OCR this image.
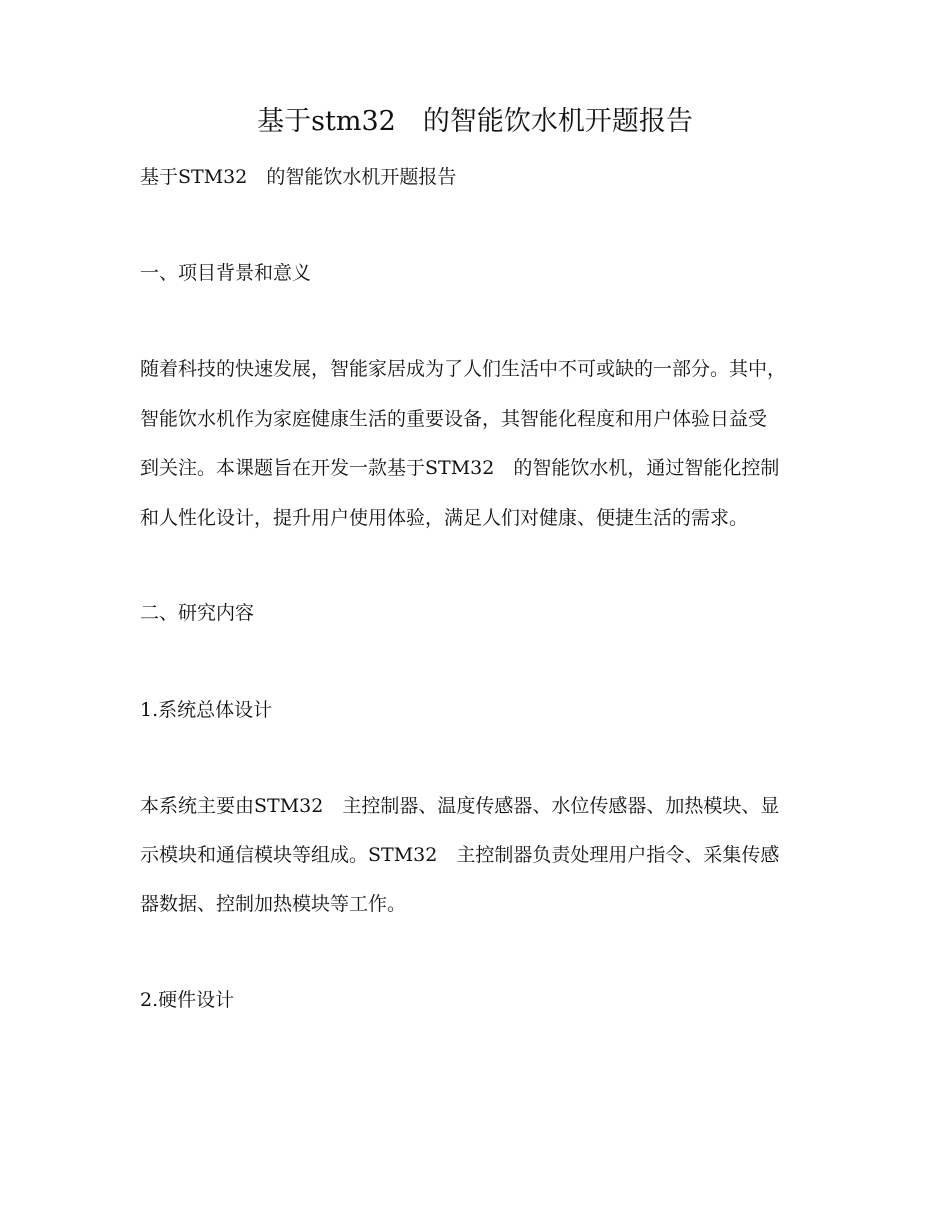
基于stm32　的智能饮水机开题报告

基于STM32　的智能饮水机开题报告

一、项目背景和意义

随着科技的快速发展，智能家居成为了人们生活中不可或缺的一部分。其中，

智能饮水机作为家庭健康生活的重要设备，其智能化程度和用户体验日益受

到关注。本课题旨在开发一款基于STM32　的智能饮水机，通过智能化控制

和人性化设计，提升用户使用体验，满足人们对健康、便捷生活的需求。

二、研究内容

1.系统总体设计

本系统主要由STM32　主控制器、温度传感器、水位传感器、加热模块、显

示模块和通信模块等组成。STM32　主控制器负责处理用户指令、采集传感

器数据、控制加热模块等工作。

2.硬件设计
